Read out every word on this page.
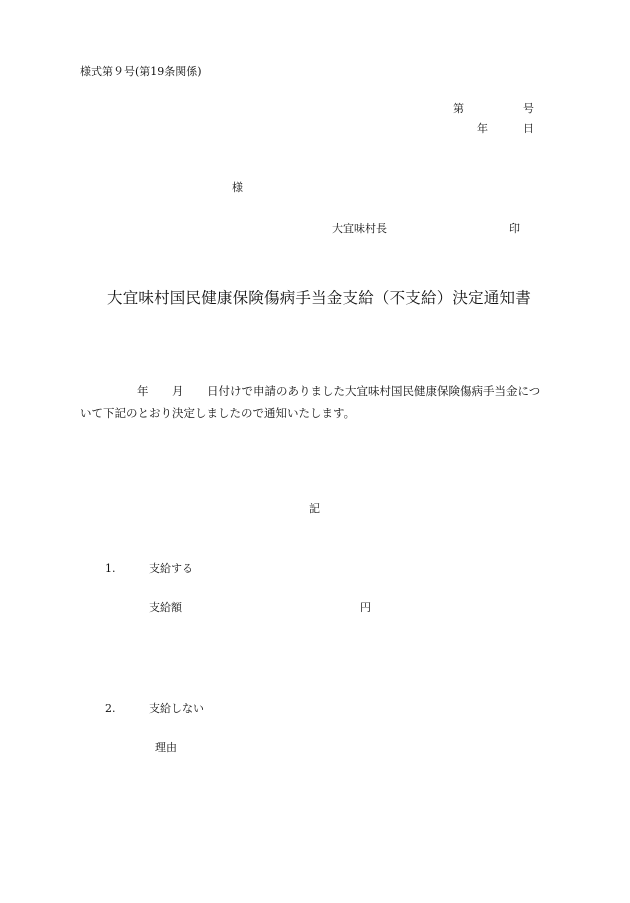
様式第９号(第19条関係)
第	号
年	日
様
大宜味村長	印
大宜味村国民健康保険傷病手当金支給（不支給）決定通知書
年 月 日付けで申請のありました大宜味村国民健康保険傷病手当金につ
いて下記のとおり決定しましたので通知いたします。
記
1.	支給する
支給額	円
2.	支給しない
理由
